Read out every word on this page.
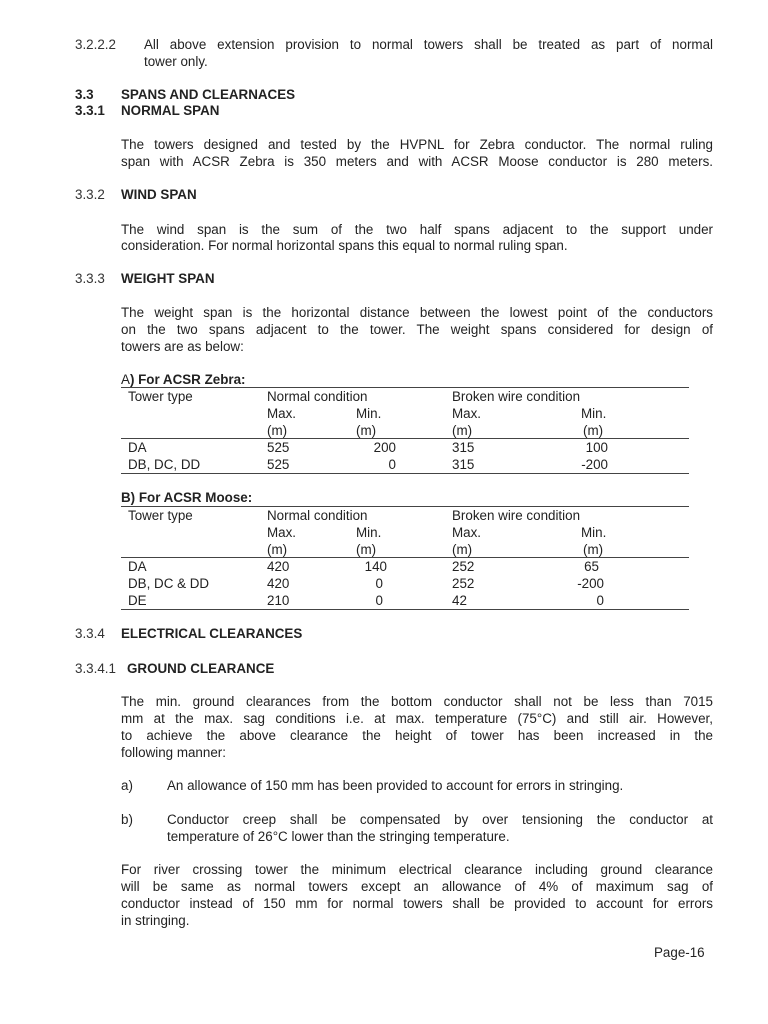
3.2.2.2 All above extension provision to normal towers shall be treated as part of normal
tower only.
3.3 SPANS AND CLEARNACES
3.3.1 NORMAL SPAN
The towers designed and tested by the HVPNL for Zebra conductor. The normal ruling
span with ACSR Zebra is 350 meters and with ACSR Moose conductor is 280 meters.
3.3.2 WIND SPAN
The wind span is the sum of the two half spans adjacent to the support under
consideration. For normal horizontal spans this equal to normal ruling span.
3.3.3 WEIGHT SPAN
The weight span is the horizontal distance between the lowest point of the conductors
on the two spans adjacent to the tower. The weight spans considered for design of
towers are as below:
A) For ACSR Zebra:
Tower type	Normal condition	Broken wire condition
Max.	Min.	Max.	Min.
(m)	(m)	(m)	(m)
DA	525	200	315	100
DB, DC, DD	525	0	315	-200
B) For ACSR Moose:
Tower type	Normal condition	Broken wire condition
Max.	Min.	Max.	Min.
(m)	(m)	(m)	(m)
DA	420	140	252	65
DB, DC & DD	420	0	252	-200
DE	210	0	42	0
3.3.4 ELECTRICAL CLEARANCES
3.3.4.1 GROUND CLEARANCE
The min. ground clearances from the bottom conductor shall not be less than 7015
mm at the max. sag conditions i.e. at max. temperature (75°C) and still air. However,
to achieve the above clearance the height of tower has been increased in the
following manner:
a)	An allowance of 150 mm has been provided to account for errors in stringing.
b)	Conductor creep shall be compensated by over tensioning the conductor at
temperature of 26°C lower than the stringing temperature.
For river crossing tower the minimum electrical clearance including ground clearance
will be same as normal towers except an allowance of 4% of maximum sag of
conductor instead of 150 mm for normal towers shall be provided to account for errors
in stringing.
Page-16
